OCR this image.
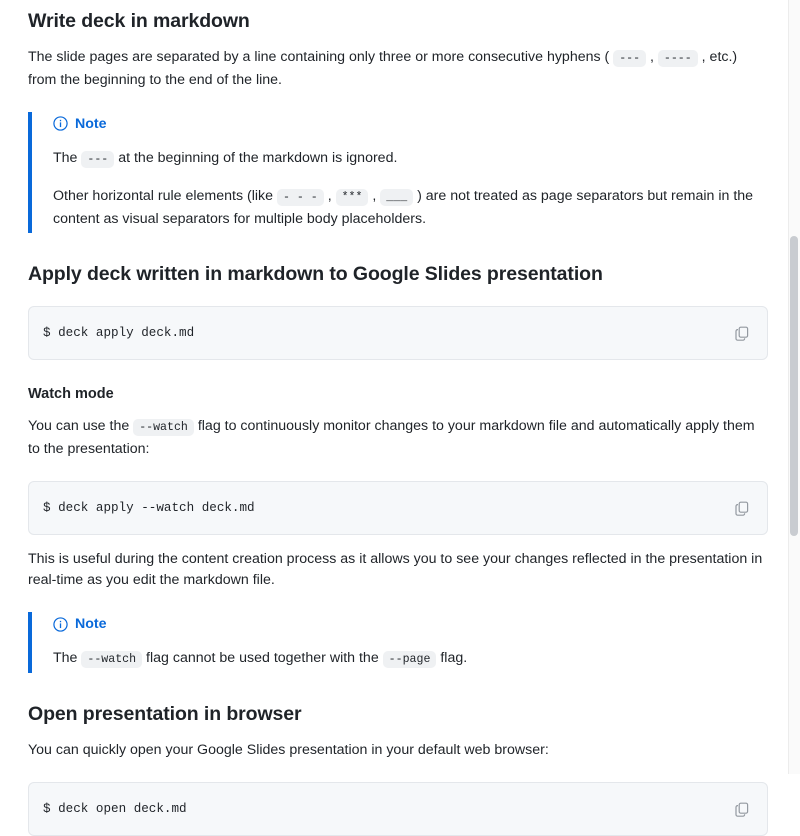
Write deck in markdown

The slide pages are separated by a line containing only three or more consecutive hyphens ( --- , ---- , etc.) from the beginning to the end of the line.

Note

The --- at the beginning of the markdown is ignored.

Other horizontal rule elements (like - - - , *** , ___ ) are not treated as page separators but remain in the content as visual separators for multiple body placeholders.

Apply deck written in markdown to Google Slides presentation
$ deck apply deck.md
Watch mode

You can use the --watch flag to continuously monitor changes to your markdown file and automatically apply them to the presentation:

$ deck apply --watch deck.md

This is useful during the content creation process as it allows you to see your changes reflected in the presentation in real-time as you edit the markdown file.

Note

The --watch flag cannot be used together with the --page flag.

Open presentation in browser

You can quickly open your Google Slides presentation in your default web browser:

$ deck open deck.md
